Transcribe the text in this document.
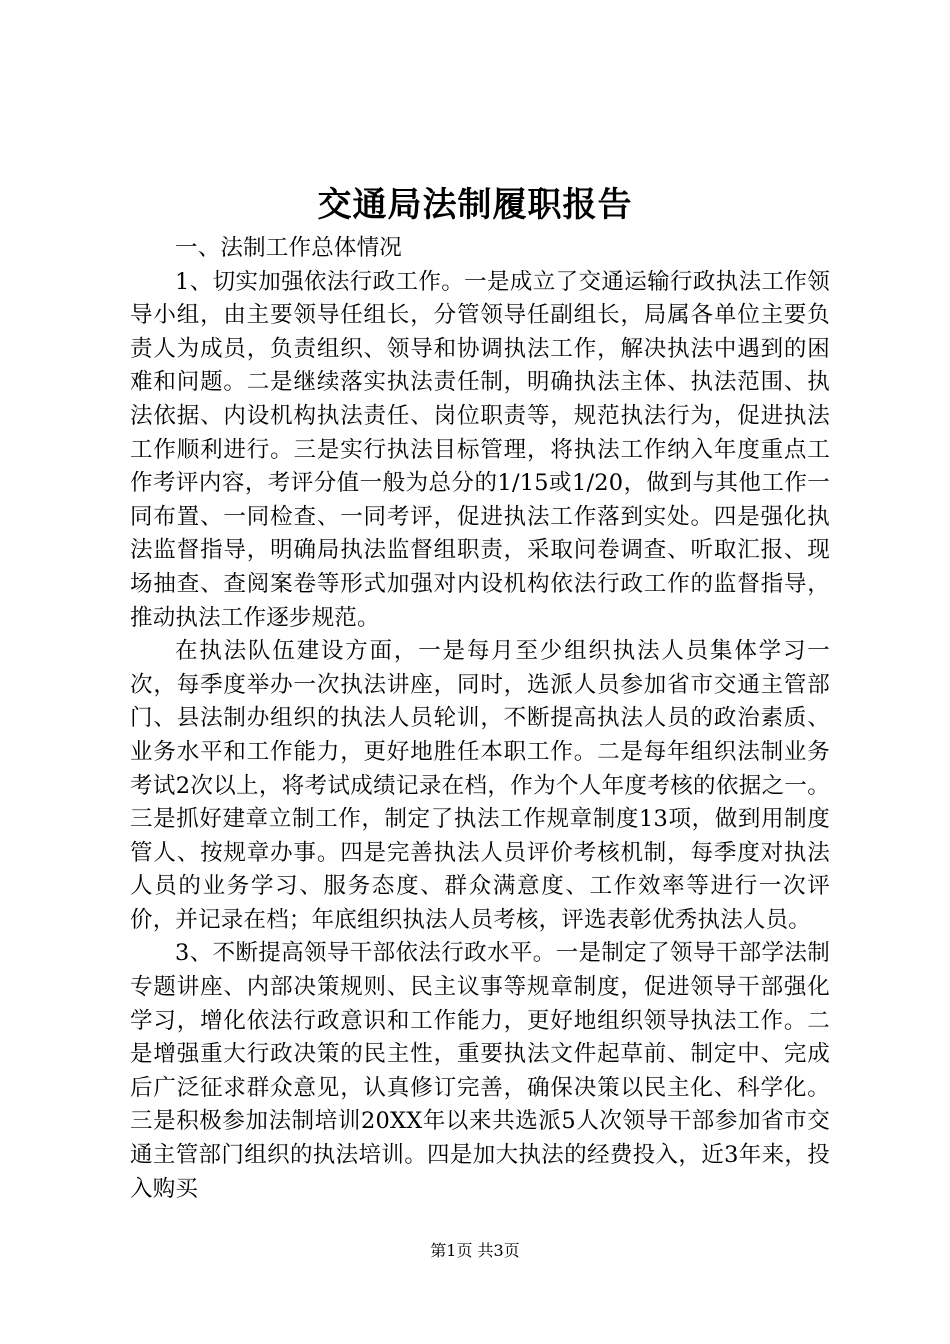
交通局法制履职报告

一、法制工作总体情况

1、切实加强依法行政工作。一是成立了交通运输行政执法工作领导小组，由主要领导任组长，分管领导任副组长，局属各单位主要负责人为成员，负责组织、领导和协调执法工作，解决执法中遇到的困难和问题。二是继续落实执法责任制，明确执法主体、执法范围、执法依据、内设机构执法责任、岗位职责等，规范执法行为，促进执法工作顺利进行。三是实行执法目标管理，将执法工作纳入年度重点工作考评内容，考评分值一般为总分的1/15或1/20，做到与其他工作一同布置、一同检查、一同考评，促进执法工作落到实处。四是强化执法监督指导，明确局执法监督组职责，采取问卷调查、听取汇报、现场抽查、查阅案卷等形式加强对内设机构依法行政工作的监督指导，推动执法工作逐步规范。

在执法队伍建设方面，一是每月至少组织执法人员集体学习一次，每季度举办一次执法讲座，同时，选派人员参加省市交通主管部门、县法制办组织的执法人员轮训，不断提高执法人员的政治素质、业务水平和工作能力，更好地胜任本职工作。二是每年组织法制业务考试2次以上，将考试成绩记录在档，作为个人年度考核的依据之一。三是抓好建章立制工作，制定了执法工作规章制度13项，做到用制度管人、按规章办事。四是完善执法人员评价考核机制，每季度对执法人员的业务学习、服务态度、群众满意度、工作效率等进行一次评价，并记录在档；年底组织执法人员考核，评选表彰优秀执法人员。

3、不断提高领导干部依法行政水平。一是制定了领导干部学法制专题讲座、内部决策规则、民主议事等规章制度，促进领导干部强化学习，增化依法行政意识和工作能力，更好地组织领导执法工作。二是增强重大行政决策的民主性，重要执法文件起草前、制定中、完成后广泛征求群众意见，认真修订完善，确保决策以民主化、科学化。三是积极参加法制培训20XX年以来共选派5人次领导干部参加省市交通主管部门组织的执法培训。四是加大执法的经费投入，近3年来，投入购买

第1页 共3页
